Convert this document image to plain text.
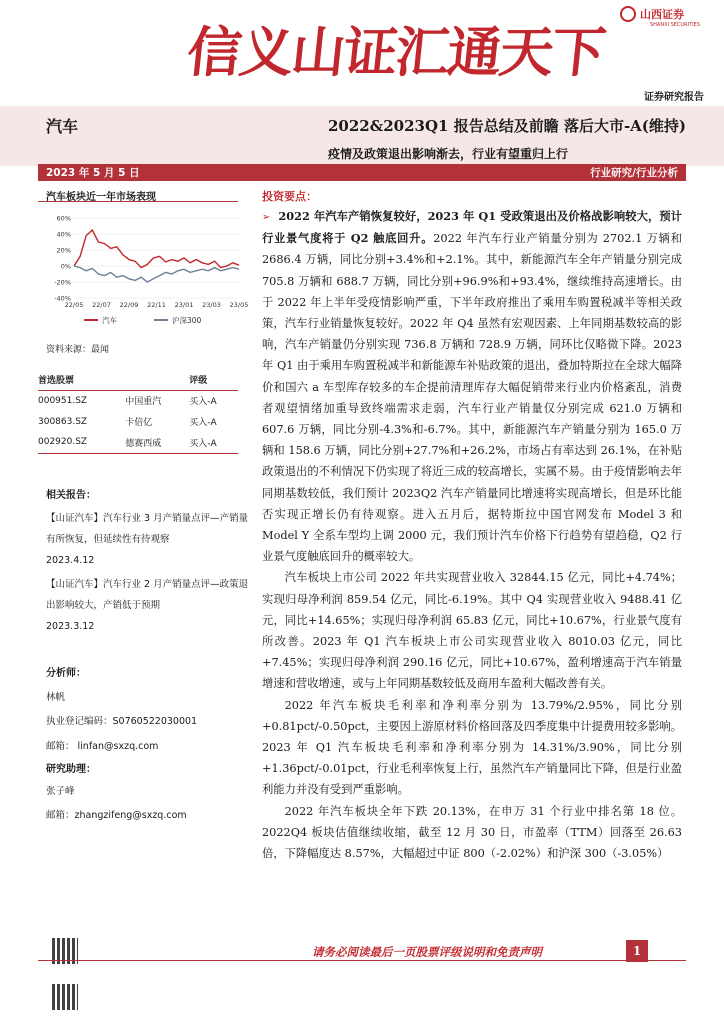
信义山证汇通天下
山西证券
SHANXI SECURITIES
证券研究报告
汽车	2022&2023Q1 报告总结及前瞻 落后大市-A(维持)
疫情及政策退出影响渐去，行业有望重归上行
2023 年 5 月 5 日	行业研究/行业分析
汽车板块近一年市场表现
60%
40%
20%
0%
-20%
-40%
22/05 22/07 22/09 22/11 23/01 23/03 23/05
汽车	沪深300
资料来源：最闻
首选股票		评级
000951.SZ	中国重汽	买入-A
300863.SZ	卡倍亿	买入-A
002920.SZ	德赛西威	买入-A
相关报告：
【山证汽车】汽车行业 3 月产销量点评—产销量有所恢复，但延续性有待观察
2023.4.12
【山证汽车】汽车行业 2 月产销量点评—政策退出影响较大，产销低于预期
2023.3.12
分析师：
林帆
执业登记编码：S0760522030001
邮箱： linfan@sxzq.com
研究助理：
张子峰
邮箱：zhangzifeng@sxzq.com
投资要点：

➢ 2022 年汽车产销恢复较好，2023 年 Q1 受政策退出及价格战影响较大，预计行业景气度将于 Q2 触底回升。2022 年汽车行业产销量分别为 2702.1 万辆和 2686.4 万辆，同比分别+3.4%和+2.1%。其中，新能源汽车全年产销量分别完成 705.8 万辆和 688.7 万辆，同比分别+96.9%和+93.4%，继续维持高速增长。由于 2022 年上半年受疫情影响严重，下半年政府推出了乘用车购置税减半等相关政策，汽车行业销量恢复较好。2022 年 Q4 虽然有宏观因素、上年同期基数较高的影响，汽车产销量仍分别实现 736.8 万辆和 728.9 万辆，同环比仅略微下降。2023 年 Q1 由于乘用车购置税减半和新能源车补贴政策的退出，叠加特斯拉在全球大幅降价和国六 a 车型库存较多的车企提前清理库存大幅促销带来行业内价格紊乱，消费者观望情绪加重导致终端需求走弱，汽车行业产销量仅分别完成 621.0 万辆和 607.6 万辆，同比分别-4.3%和-6.7%。其中，新能源汽车产销量分别为 165.0 万辆和 158.6 万辆，同比分别+27.7%和+26.2%，市场占有率达到 26.1%，在补贴政策退出的不利情况下仍实现了将近三成的较高增长，实属不易。由于疫情影响去年同期基数较低，我们预计 2023Q2 汽车产销量同比增速将实现高增长，但是环比能否实现正增长仍有待观察。进入五月后，据特斯拉中国官网发布 Model 3 和 Model Y 全系车型均上调 2000 元，我们预计汽车价格下行趋势有望趋稳，Q2 行业景气度触底回升的概率较大。

汽车板块上市公司 2022 年共实现营业收入 32844.15 亿元，同比+4.74%；实现归母净利润 859.54 亿元，同比-6.19%。其中 Q4 实现营业收入 9488.41 亿元，同比+14.65%；实现归母净利润 65.83 亿元，同比+10.67%，行业景气度有所改善。2023 年 Q1 汽车板块上市公司实现营业收入 8010.03 亿元，同比+7.45%；实现归母净利润 290.16 亿元，同比+10.67%，盈利增速高于汽车销量增速和营收增速，或与上年同期基数较低及商用车盈利大幅改善有关。

2022 年汽车板块毛利率和净利率分别为 13.79%/2.95%，同比分别+0.81pct/-0.50pct，主要因上游原材料价格回落及四季度集中计提费用较多影响。2023 年 Q1 汽车板块毛利率和净利率分别为 14.31%/3.90%，同比分别+1.36pct/-0.01pct，行业毛利率恢复上行，虽然汽车产销量同比下降，但是行业盈利能力并没有受到严重影响。

2022 年汽车板块全年下跌 20.13%，在申万 31 个行业中排名第 18 位。2022Q4 板块估值继续收缩，截至 12 月 30 日，市盈率（TTM）回落至 26.63 倍，下降幅度达 8.57%，大幅超过中证 800（-2.02%）和沪深 300（-3.05%）

请务必阅读最后一页股票评级说明和免责声明	1
